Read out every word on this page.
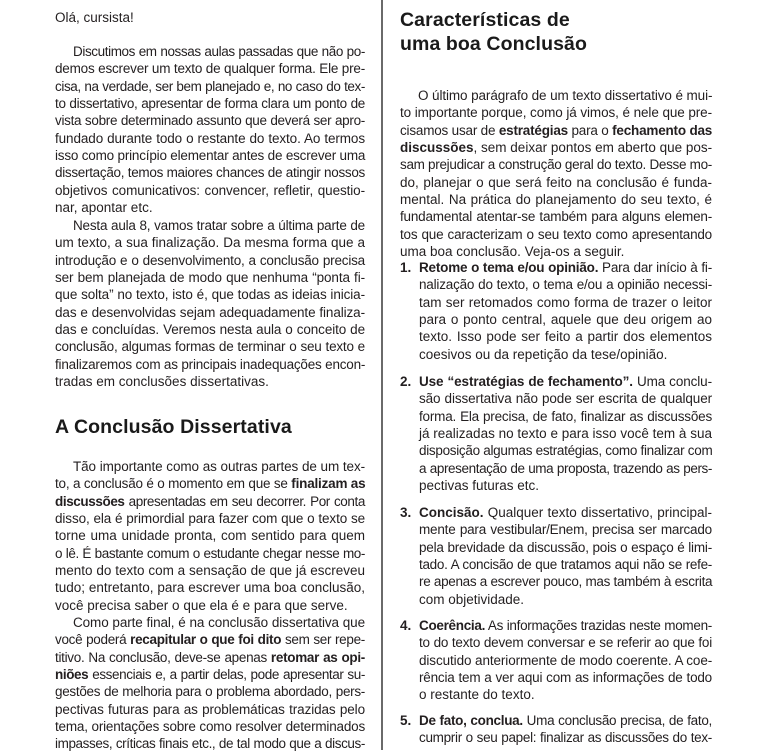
Olá, cursista!
Discutimos em nossas aulas passadas que não po-
demos escrever um texto de qualquer forma. Ele pre-
cisa, na verdade, ser bem planejado e, no caso do tex-
to dissertativo, apresentar de forma clara um ponto de
vista sobre determinado assunto que deverá ser apro-
fundado durante todo o restante do texto. Ao termos
isso como princípio elementar antes de escrever uma
dissertação, temos maiores chances de atingir nossos
objetivos comunicativos: convencer, refletir, questio-
nar, apontar etc.
Nesta aula 8, vamos tratar sobre a última parte de
um texto, a sua finalização. Da mesma forma que a
introdução e o desenvolvimento, a conclusão precisa
ser bem planejada de modo que nenhuma “ponta fi-
que solta” no texto, isto é, que todas as ideias inicia-
das e desenvolvidas sejam adequadamente finaliza-
das e concluídas. Veremos nesta aula o conceito de
conclusão, algumas formas de terminar o seu texto e
finalizaremos com as principais inadequações encon-
tradas em conclusões dissertativas.
A Conclusão Dissertativa
Tão importante como as outras partes de um tex-
to, a conclusão é o momento em que se finalizam as
discussões apresentadas em seu decorrer. Por conta
disso, ela é primordial para fazer com que o texto se
torne uma unidade pronta, com sentido para quem
o lê. É bastante comum o estudante chegar nesse mo-
mento do texto com a sensação de que já escreveu
tudo; entretanto, para escrever uma boa conclusão,
você precisa saber o que ela é e para que serve.
Como parte final, é na conclusão dissertativa que
você poderá recapitular o que foi dito sem ser repe-
titivo. Na conclusão, deve-se apenas retomar as opi-
niões essenciais e, a partir delas, pode apresentar su-
gestões de melhoria para o problema abordado, pers-
pectivas futuras para as problemáticas trazidas pelo
tema, orientações sobre como resolver determinados
impasses, críticas finais etc., de tal modo que a discus-
Características de
uma boa Conclusão
O último parágrafo de um texto dissertativo é mui-
to importante porque, como já vimos, é nele que pre-
cisamos usar de estratégias para o fechamento das
discussões, sem deixar pontos em aberto que pos-
sam prejudicar a construção geral do texto. Desse mo-
do, planejar o que será feito na conclusão é funda-
mental. Na prática do planejamento do seu texto, é
fundamental atentar-se também para alguns elemen-
tos que caracterizam o seu texto como apresentando
uma boa conclusão. Veja-os a seguir.
1. Retome o tema e/ou opinião. Para dar início à fi-
nalização do texto, o tema e/ou a opinião necessi-
tam ser retomados como forma de trazer o leitor
para o ponto central, aquele que deu origem ao
texto. Isso pode ser feito a partir dos elementos
coesivos ou da repetição da tese/opinião.
2. Use “estratégias de fechamento”. Uma conclu-
são dissertativa não pode ser escrita de qualquer
forma. Ela precisa, de fato, finalizar as discussões
já realizadas no texto e para isso você tem à sua
disposição algumas estratégias, como finalizar com
a apresentação de uma proposta, trazendo as pers-
pectivas futuras etc.
3. Concisão. Qualquer texto dissertativo, principal-
mente para vestibular/Enem, precisa ser marcado
pela brevidade da discussão, pois o espaço é limi-
tado. A concisão de que tratamos aqui não se refe-
re apenas a escrever pouco, mas também à escrita
com objetividade.
4. Coerência. As informações trazidas neste momen-
to do texto devem conversar e se referir ao que foi
discutido anteriormente de modo coerente. A coe-
rência tem a ver aqui com as informações de todo
o restante do texto.
5. De fato, conclua. Uma conclusão precisa, de fato,
cumprir o seu papel: finalizar as discussões do tex-
